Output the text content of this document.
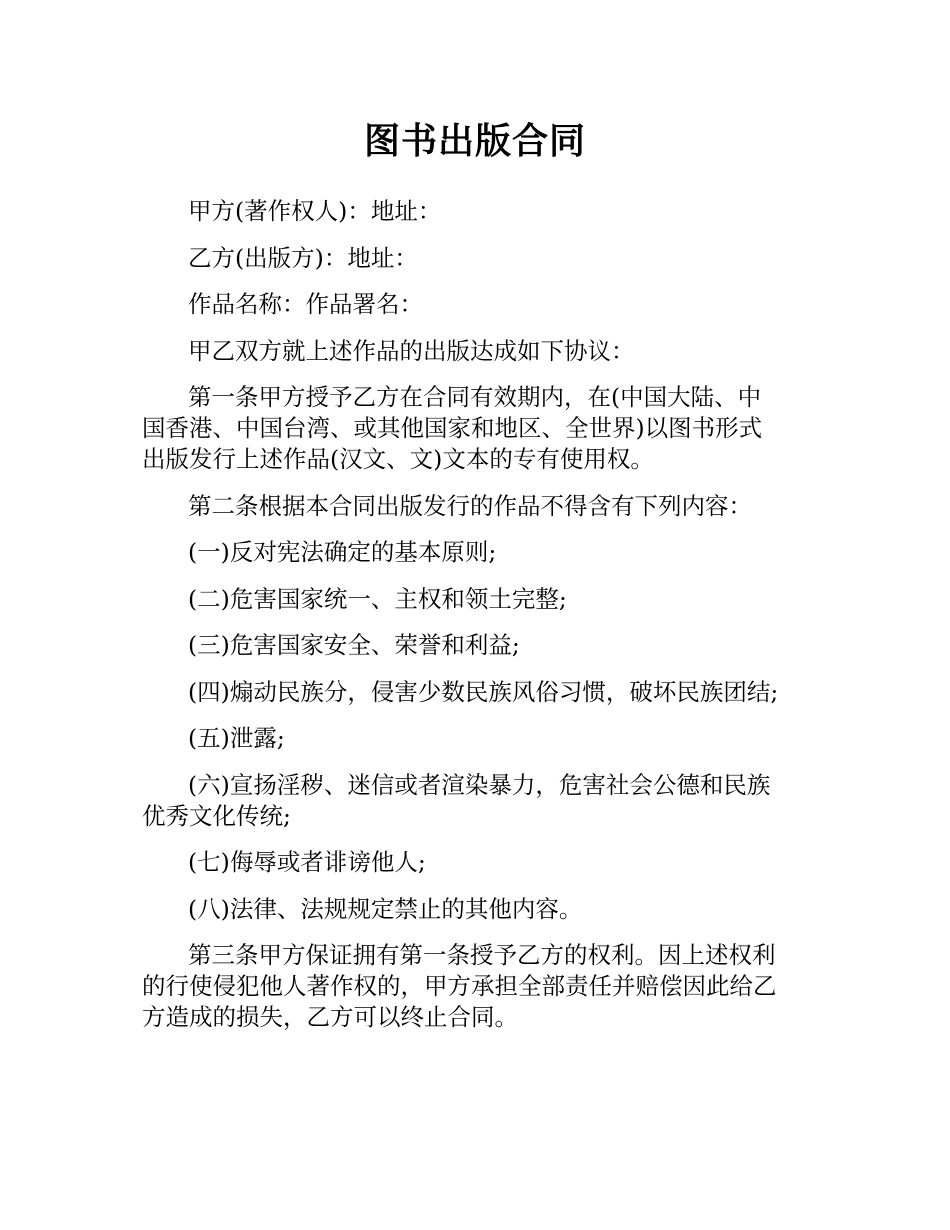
图书出版合同

甲方(著作权人)：地址：

乙方(出版方)：地址：

作品名称：作品署名：

甲乙双方就上述作品的出版达成如下协议：

第一条甲方授予乙方在合同有效期内，在(中国大陆、中
国香港、中国台湾、或其他国家和地区、全世界)以图书形式
出版发行上述作品(汉文、文)文本的专有使用权。

第二条根据本合同出版发行的作品不得含有下列内容：

(一)反对宪法确定的基本原则;

(二)危害国家统一、主权和领土完整;

(三)危害国家安全、荣誉和利益;

(四)煽动民族分，侵害少数民族风俗习惯，破坏民族团结;

(五)泄露;

(六)宣扬淫秽、迷信或者渲染暴力，危害社会公德和民族
优秀文化传统;

(七)侮辱或者诽谤他人;

(八)法律、法规规定禁止的其他内容。

第三条甲方保证拥有第一条授予乙方的权利。因上述权利
的行使侵犯他人著作权的，甲方承担全部责任并赔偿因此给乙
方造成的损失，乙方可以终止合同。
